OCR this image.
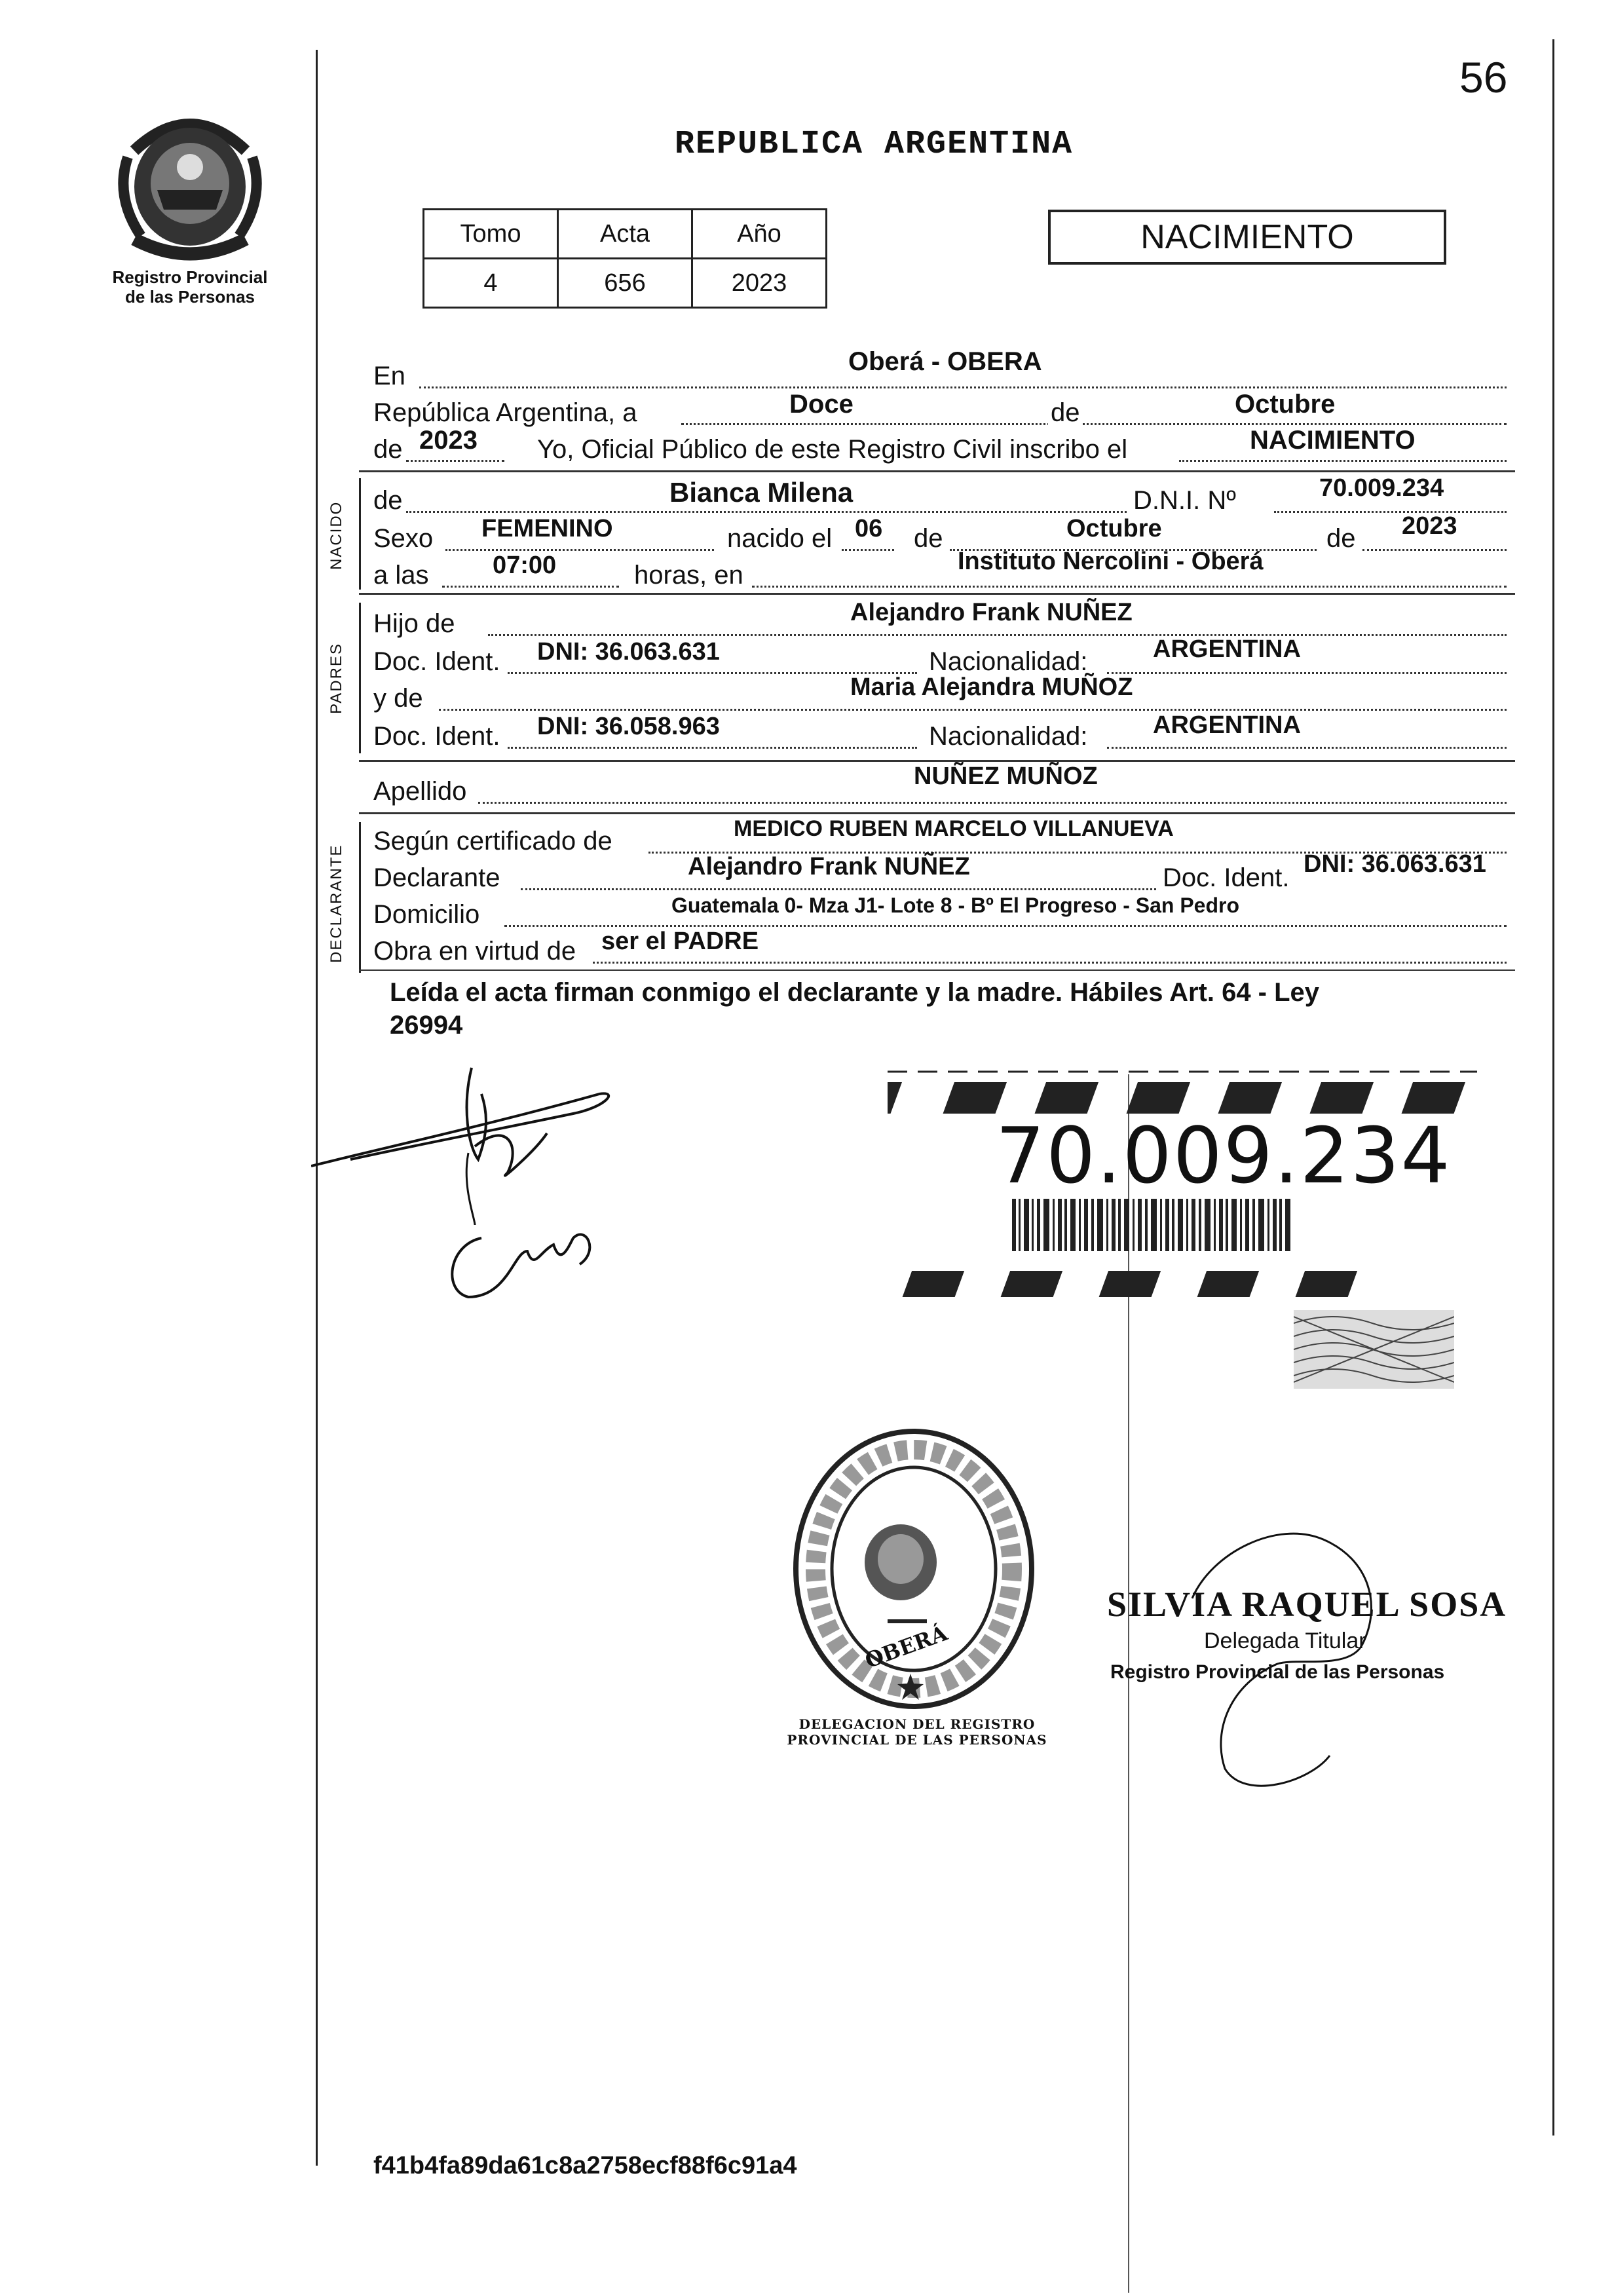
56
Registro Provincial
de las Personas
REPUBLICA ARGENTINA
Tomo	Acta	Año
4	656	2023
NACIMIENTO
En	Oberá - OBERA
República Argentina, a	Doce	de	Octubre
de 2023 Yo, Oficial Público de este Registro Civil inscribo el	NACIMIENTO
NACIDO
de	Bianca Milena	D.N.I. Nº	70.009.234
Sexo FEMENINO	nacido el 06 de	Octubre	de 2023
a las	07:00	horas, en	Instituto Nercolini - Oberá
PADRES
Hijo de	Alejandro Frank NUÑEZ
Doc. Ident. DNI: 36.063.631	Nacionalidad:	ARGENTINA
y de	Maria Alejandra MUÑOZ
Doc. Ident. DNI: 36.058.963	Nacionalidad:	ARGENTINA
Apellido
NUÑEZ MUÑOZ
DECLARANTE
Según certificado de	MEDICO RUBEN MARCELO VILLANUEVA
Declarante	Alejandro Frank NUÑEZ	Doc. Ident. DNI: 36.063.631
Domicilio	Guatemala 0- Mza J1- Lote 8 - Bº El Progreso - San Pedro
Obra en virtud de ser el PADRE
Leída el acta firman conmigo el declarante y la madre. Hábiles Art. 64 - Ley
26994
70.009.234
OBERÁ
DELEGACION DEL REGISTRO PROVINCIAL DE LAS PERSONAS
SILVIA RAQUEL SOSA
Delegada Titular
Registro Provincial de las Personas
f41b4fa89da61c8a2758ecf88f6c91a4
